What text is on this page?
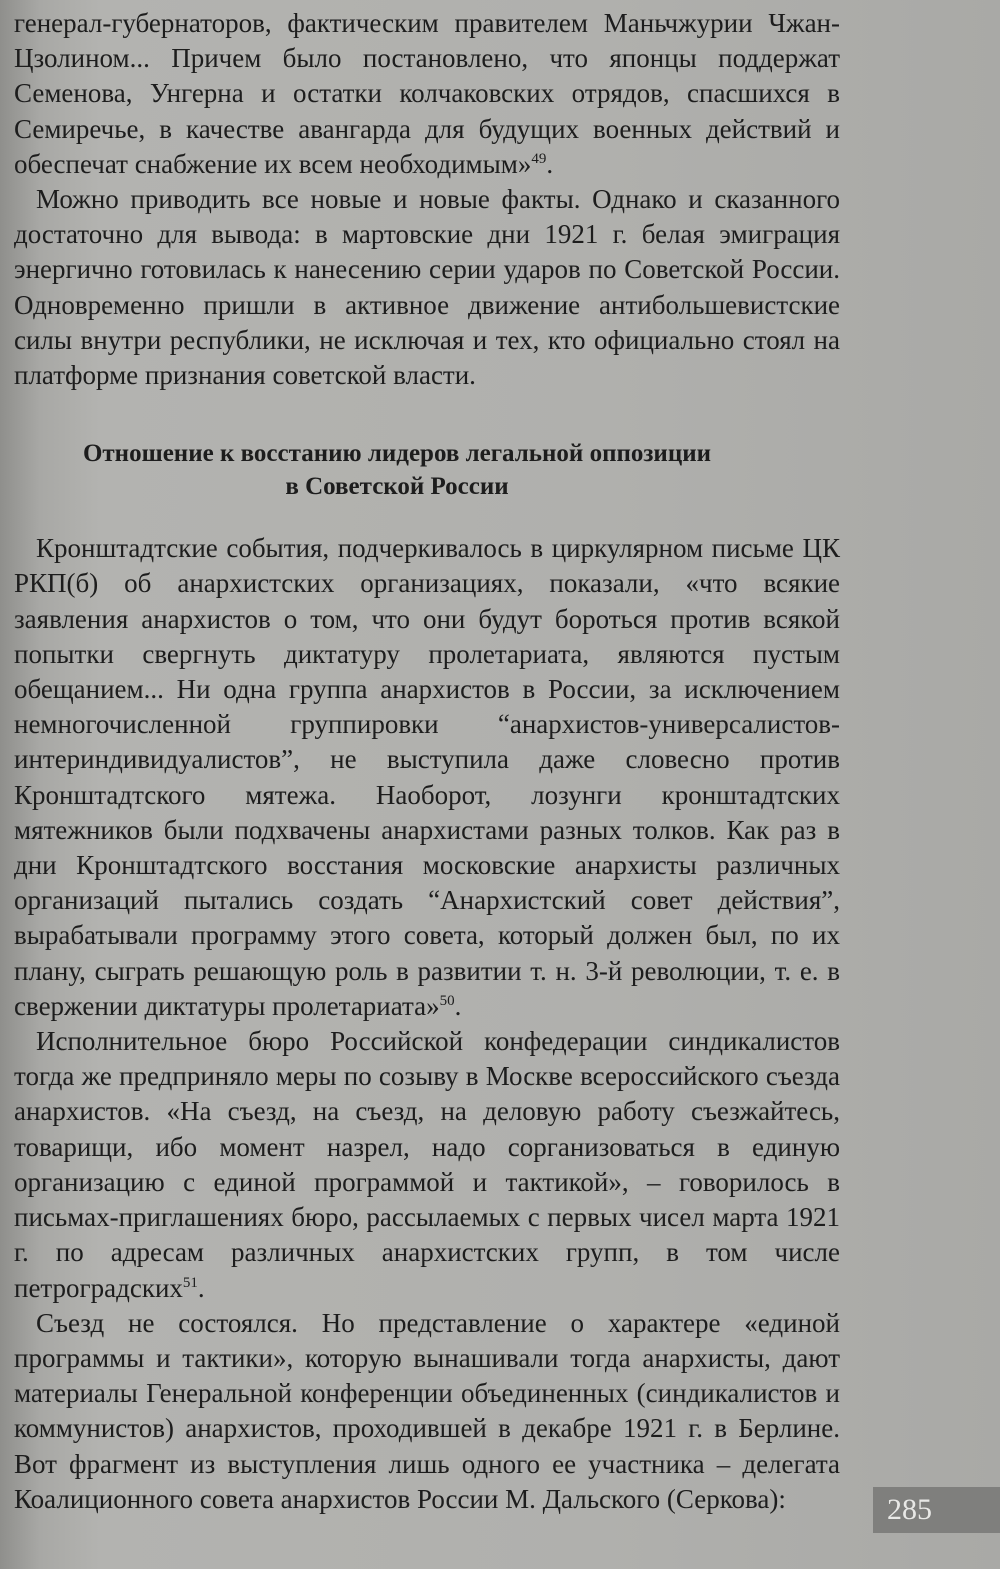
генерал-губернаторов, фактическим правителем Маньчжурии Чжан-Цзолином... Причем было постановлено, что японцы поддержат Семенова, Унгерна и остатки колчаковских отрядов, спасшихся в Семиречье, в качестве авангарда для будущих военных действий и обеспечат снабжение их всем необходимым»$^{49}$.

Можно приводить все новые и новые факты. Однако и сказанного достаточно для вывода: в мартовские дни 1921 г. белая эмиграция энергично готовилась к нанесению серии ударов по Советской России. Одновременно пришли в активное движение антибольшевистские силы внутри республики, не исключая и тех, кто официально стоял на платформе признания советской власти.

Отношение к восстанию лидеров легальной оппозиции
в Советской России

Кронштадтские события, подчеркивалось в циркулярном письме ЦК РКП(б) об анархистских организациях, показали, «что всякие заявления анархистов о том, что они будут бороться против всякой попытки свергнуть диктатуру пролетариата, являются пустым обещанием... Ни одна группа анархистов в России, за исключением немногочисленной группировки “анархистов-универсалистов-интериндивидуалистов”, не выступила даже словесно против Кронштадтского мятежа. Наоборот, лозунги кронштадтских мятежников были подхвачены анархистами разных толков. Как раз в дни Кронштадтского восстания московские анархисты различных организаций пытались создать “Анархистский совет действия”, вырабатывали программу этого совета, который должен был, по их плану, сыграть решающую роль в развитии т. н. 3-й революции, т. е. в свержении диктатуры пролетариата»$^{50}$.

Исполнительное бюро Российской конфедерации синдикалистов тогда же предприняло меры по созыву в Москве всероссийского съезда анархистов. «На съезд, на съезд, на деловую работу съезжайтесь, товарищи, ибо момент назрел, надо сорганизоваться в единую организацию с единой программой и тактикой», – говорилось в письмах-приглашениях бюро, рассылаемых с первых чисел марта 1921 г. по адресам различных анархистских групп, в том числе петроградских$^{51}$.

Съезд не состоялся. Но представление о характере «единой программы и тактики», которую вынашивали тогда анархисты, дают материалы Генеральной конференции объединенных (синдикалистов и коммунистов) анархистов, проходившей в декабре 1921 г. в Берлине. Вот фрагмент из выступления лишь одного ее участника – делегата Коалиционного совета анархистов России М. Дальского (Серкова):	285
